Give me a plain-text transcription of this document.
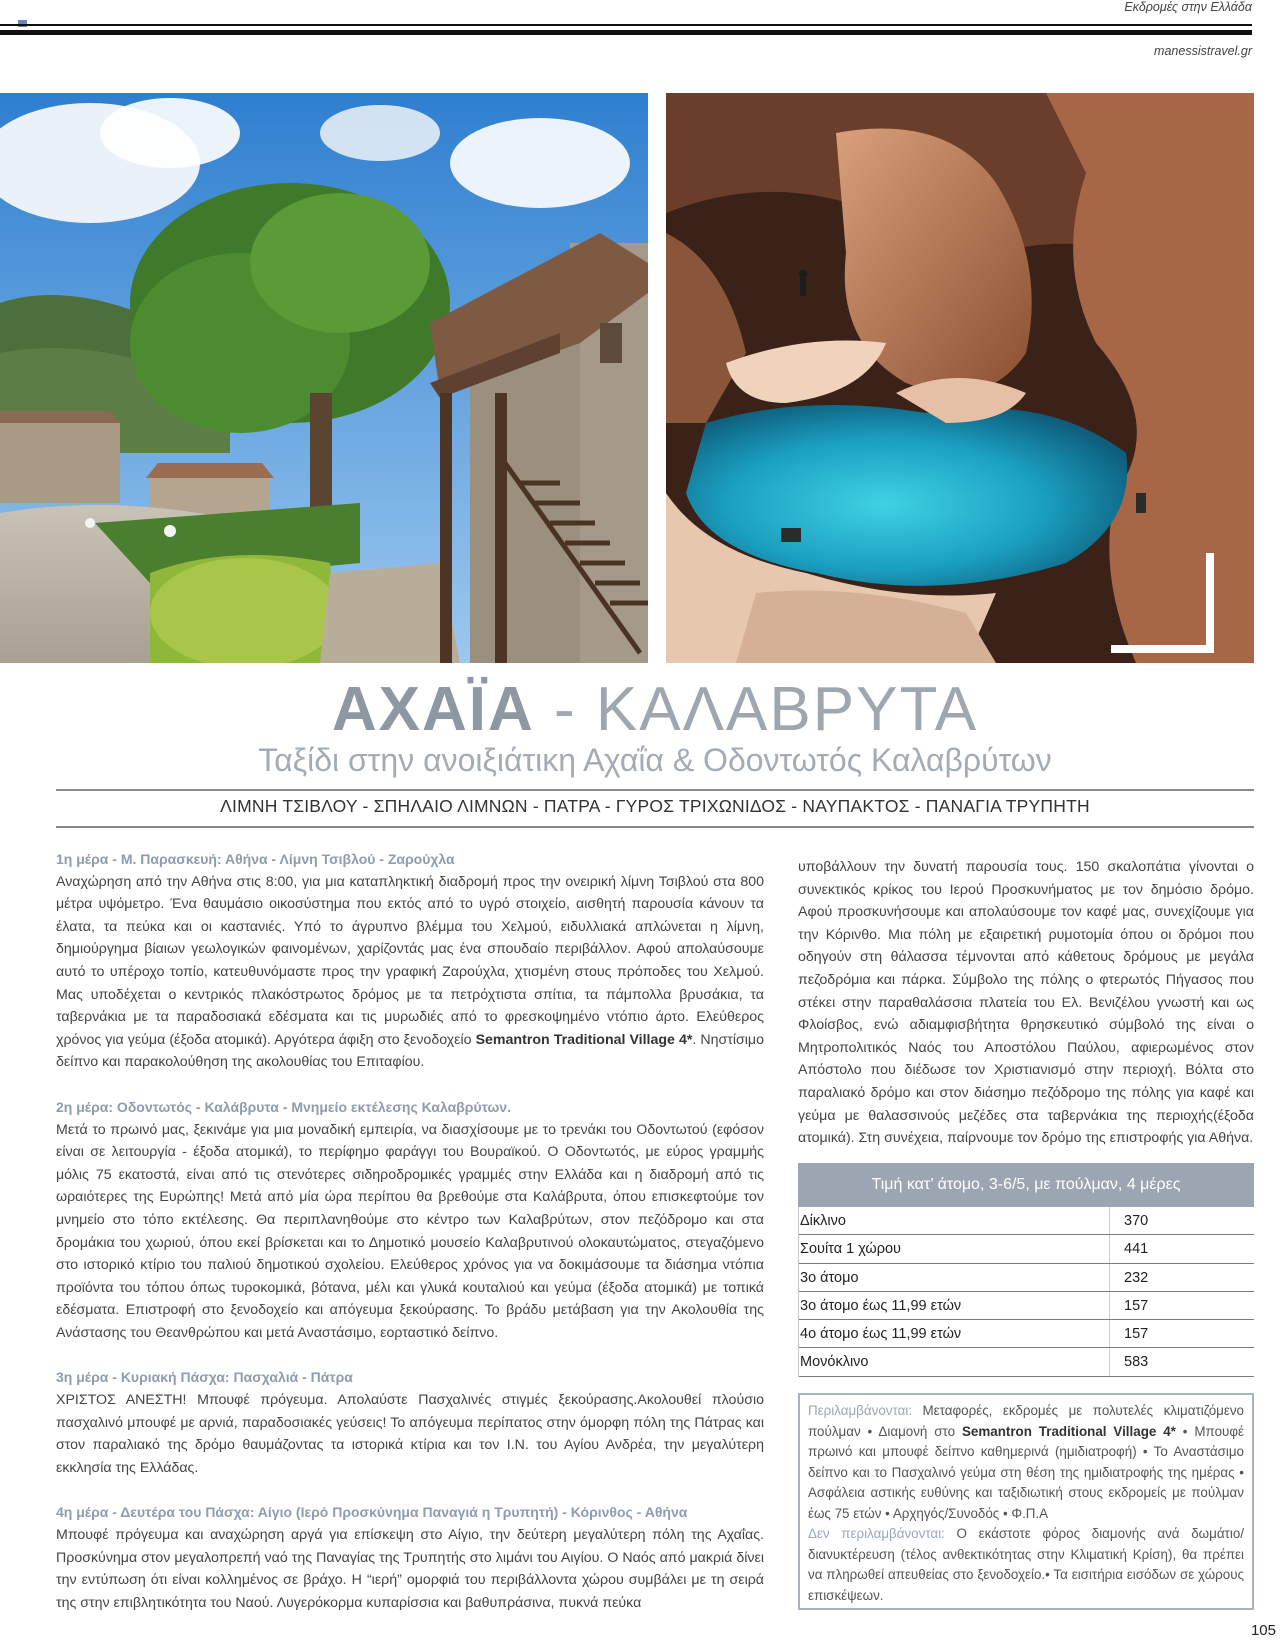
Εκδρομές στην Ελλάδα
manessistravel.gr
ΑΧΑΪΑ - ΚΑΛΑΒΡΥΤΑ
Ταξίδι στην ανοιξιάτικη Αχαΐα & Οδοντωτός Καλαβρύτων
ΛΙΜΝΗ ΤΣΙΒΛΟΥ - ΣΠΗΛΑΙΟ ΛΙΜΝΩΝ - ΠΑΤΡΑ - ΓΥΡΟΣ ΤΡΙΧΩΝΙΔΟΣ - ΝΑΥΠΑΚΤΟΣ - ΠΑΝΑΓΙΑ ΤΡΥΠΗΤΗ
1η μέρα - Μ. Παρασκευή: Αθήνα - Λίμνη Τσιβλού - Ζαρούχλα
Αναχώρηση από την Αθήνα στις 8:00, για μια καταπληκτική διαδρομή προς την ονειρική λίμνη Τσιβλού στα 800 μέτρα υψόμετρο. Ένα θαυμάσιο οικοσύστημα που εκτός από το υγρό στοιχείο, αισθητή παρουσία κάνουν τα έλατα, τα πεύκα και οι καστανιές. Υπό το άγρυπνο βλέμμα του Χελμού, ειδυλλιακά απλώνεται η λίμνη, δημιούργημα βίαιων γεωλογικών φαινομένων, χαρίζοντάς μας ένα σπουδαίο περιβάλλον. Αφού απολαύσουμε αυτό το υπέροχο τοπίο, κατευθυνόμαστε προς την γραφική Ζαρούχλα, χτισμένη στους πρόποδες του Χελμού. Μας υποδέχεται ο κεντρικός πλακόστρωτος δρόμος με τα πετρόχτιστα σπίτια, τα πάμπολλα βρυσάκια, τα ταβερνάκια με τα παραδοσιακά εδέσματα και τις μυρωδιές από το φρεσκοψημένο ντόπιο άρτο. Ελεύθερος χρόνος για γεύμα (έξοδα ατομικά). Αργότερα άφιξη στο ξενοδοχείο Semantron Traditional Village 4*. Νηστίσιμο δείπνο και παρακολούθηση της ακολουθίας του Επιταφίου.
2η μέρα: Οδοντωτός - Καλάβρυτα - Μνημείο εκτέλεσης Καλαβρύτων.
Μετά το πρωινό μας, ξεκινάμε για μια μοναδική εμπειρία, να διασχίσουμε με το τρενάκι του Οδοντωτού (εφόσον είναι σε λειτουργία - έξοδα ατομικά), το περίφημο φαράγγι του Βουραϊκού. Ο Οδοντωτός, με εύρος γραμμής μόλις 75 εκατοστά, είναι από τις στενότερες σιδηροδρομικές γραμμές στην Ελλάδα και η διαδρομή από τις ωραιότερες της Ευρώπης! Μετά από μία ώρα περίπου θα βρεθούμε στα Καλάβρυτα, όπου επισκεφτούμε τον μνημείο στο τόπο εκτέλεσης. Θα περιπλανηθούμε στο κέντρο των Καλαβρύτων, στον πεζόδρομο και στα δρομάκια του χωριού, όπου εκεί βρίσκεται και το Δημοτικό μουσείο Καλαβρυτινού ολοκαυτώματος, στεγαζόμενο στο ιστορικό κτίριο του παλιού δημοτικού σχολείου. Ελεύθερος χρόνος για να δοκιμάσουμε τα διάσημα ντόπια προϊόντα του τόπου όπως τυροκομικά, βότανα, μέλι και γλυκά κουταλιού και γεύμα (έξοδα ατομικά) με τοπικά εδέσματα. Επιστροφή στο ξενοδοχείο και απόγευμα ξεκούρασης. Το βράδυ μετάβαση για την Ακολουθία της Ανάστασης του Θεανθρώπου και μετά Αναστάσιμο, εορταστικό δείπνο.
3η μέρα - Κυριακή Πάσχα: Πασχαλιά - Πάτρα
ΧΡΙΣΤΟΣ ΑΝΕΣΤΗ! Μπουφέ πρόγευμα. Απολαύστε Πασχαλινές στιγμές ξεκούρασης.Ακολουθεί πλούσιο πασχαλινό μπουφέ με αρνιά, παραδοσιακές γεύσεις! Το απόγευμα περίπατος στην όμορφη πόλη της Πάτρας και στον παραλιακό της δρόμο θαυμάζοντας τα ιστορικά κτίρια και τον Ι.Ν. του Αγίου Ανδρέα, την μεγαλύτερη εκκλησία της Ελλάδας.
4η μέρα - Δευτέρα του Πάσχα: Αίγιο (Ιερό Προσκύνημα Παναγιά η Τρυπητή) - Κόρινθος - Αθήνα
Μπουφέ πρόγευμα και αναχώρηση αργά για επίσκεψη στο Αίγιο, την δεύτερη μεγαλύτερη πόλη της Αχαΐας. Προσκύνημα στον μεγαλοπρεπή ναό της Παναγίας της Τρυπητής στο λιμάνι του Αιγίου. Ο Ναός από μακριά δίνει την εντύπωση ότι είναι κολλημένος σε βράχο. Η “ιερή” ομορφιά του περιβάλλοντα χώρου συμβάλει με τη σειρά της στην επιβλητικότητα του Ναού. Λυγερόκορμα κυπαρίσσια και βαθυπράσινα, πυκνά πεύκα
υποβάλλουν την δυνατή παρουσία τους. 150 σκαλοπάτια γίνονται ο συνεκτικός κρίκος του Ιερού Προσκυνήματος με τον δημόσιο δρόμο. Αφού προσκυνήσουμε και απολαύσουμε τον καφέ μας, συνεχίζουμε για την Κόρινθο. Μια πόλη με εξαιρετική ρυμοτομία όπου οι δρόμοι που οδηγούν στη θάλασσα τέμνονται από κάθετους δρόμους με μεγάλα πεζοδρόμια και πάρκα. Σύμβολο της πόλης ο φτερωτός Πήγασος που στέκει στην παραθαλάσσια πλατεία του Ελ. Βενιζέλου γνωστή και ως Φλοίσβος, ενώ αδιαμφισβήτητα θρησκευτικό σύμβολό της είναι ο Μητροπολιτικός Ναός του Αποστόλου Παύλου, αφιερωμένος στον Απόστολο που διέδωσε τον Χριστιανισμό στην περιοχή. Βόλτα στο παραλιακό δρόμο και στον διάσημο πεζόδρομο της πόλης για καφέ και γεύμα με θαλασσινούς μεζέδες στα ταβερνάκια της περιοχής(έξοδα ατομικά). Στη συνέχεια, παίρνουμε τον δρόμο της επιστροφής για Αθήνα.
Τιμή κατ’ άτομο, 3-6/5, με πούλμαν, 4 μέρες
Δίκλινο	370
Σουίτα 1 χώρου	441
3ο άτομο	232
3ο άτομο έως 11,99 ετών	157
4ο άτομο έως 11,99 ετών	157
Μονόκλινο	583
Περιλαμβάνονται: Μεταφορές, εκδρομές με πολυτελές κλιματιζόμενο πούλμαν • Διαμονή στο Semantron Traditional Village 4* • Μπουφέ πρωινό και μπουφέ δείπνο καθημερινά (ημιδιατροφή) • Το Αναστάσιμο δείπνο και το Πασχαλινό γεύμα στη θέση της ημιδιατροφής της ημέρας • Ασφάλεια αστικής ευθύνης και ταξιδιωτική στους εκδρομείς με πούλμαν έως 75 ετών • Αρχηγός/Συνοδός • Φ.Π.Α
Δεν περιλαμβάνονται: Ο εκάστοτε φόρος διαμονής ανά δωμάτιο/διανυκτέρευση (τέλος ανθεκτικότητας στην Κλιματική Κρίση), θα πρέπει να πληρωθεί απευθείας στο ξενοδοχείο.• Τα εισιτήρια εισόδων σε χώρους επισκέψεων.
105
